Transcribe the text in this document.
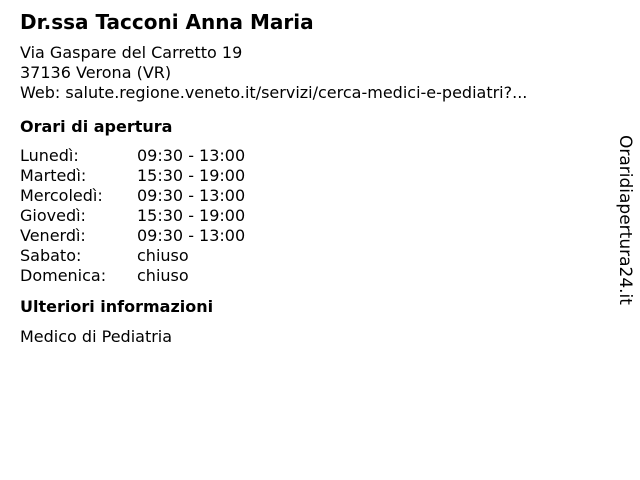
Dr.ssa Tacconi Anna Maria
Via Gaspare del Carretto 19
37136 Verona (VR)
Web: salute.regione.veneto.it/servizi/cerca-medici-e-pediatri?...
Orari di apertura
Lunedì:	09:30 - 13:00
Martedì:	15:30 - 19:00
Mercoledì:	09:30 - 13:00
Giovedì:	15:30 - 19:00
Venerdì:	09:30 - 13:00
Sabato:	chiuso
Domenica:	chiuso
Ulteriori informazioni
Medico di Pediatria
Oraridiapertura24.it
